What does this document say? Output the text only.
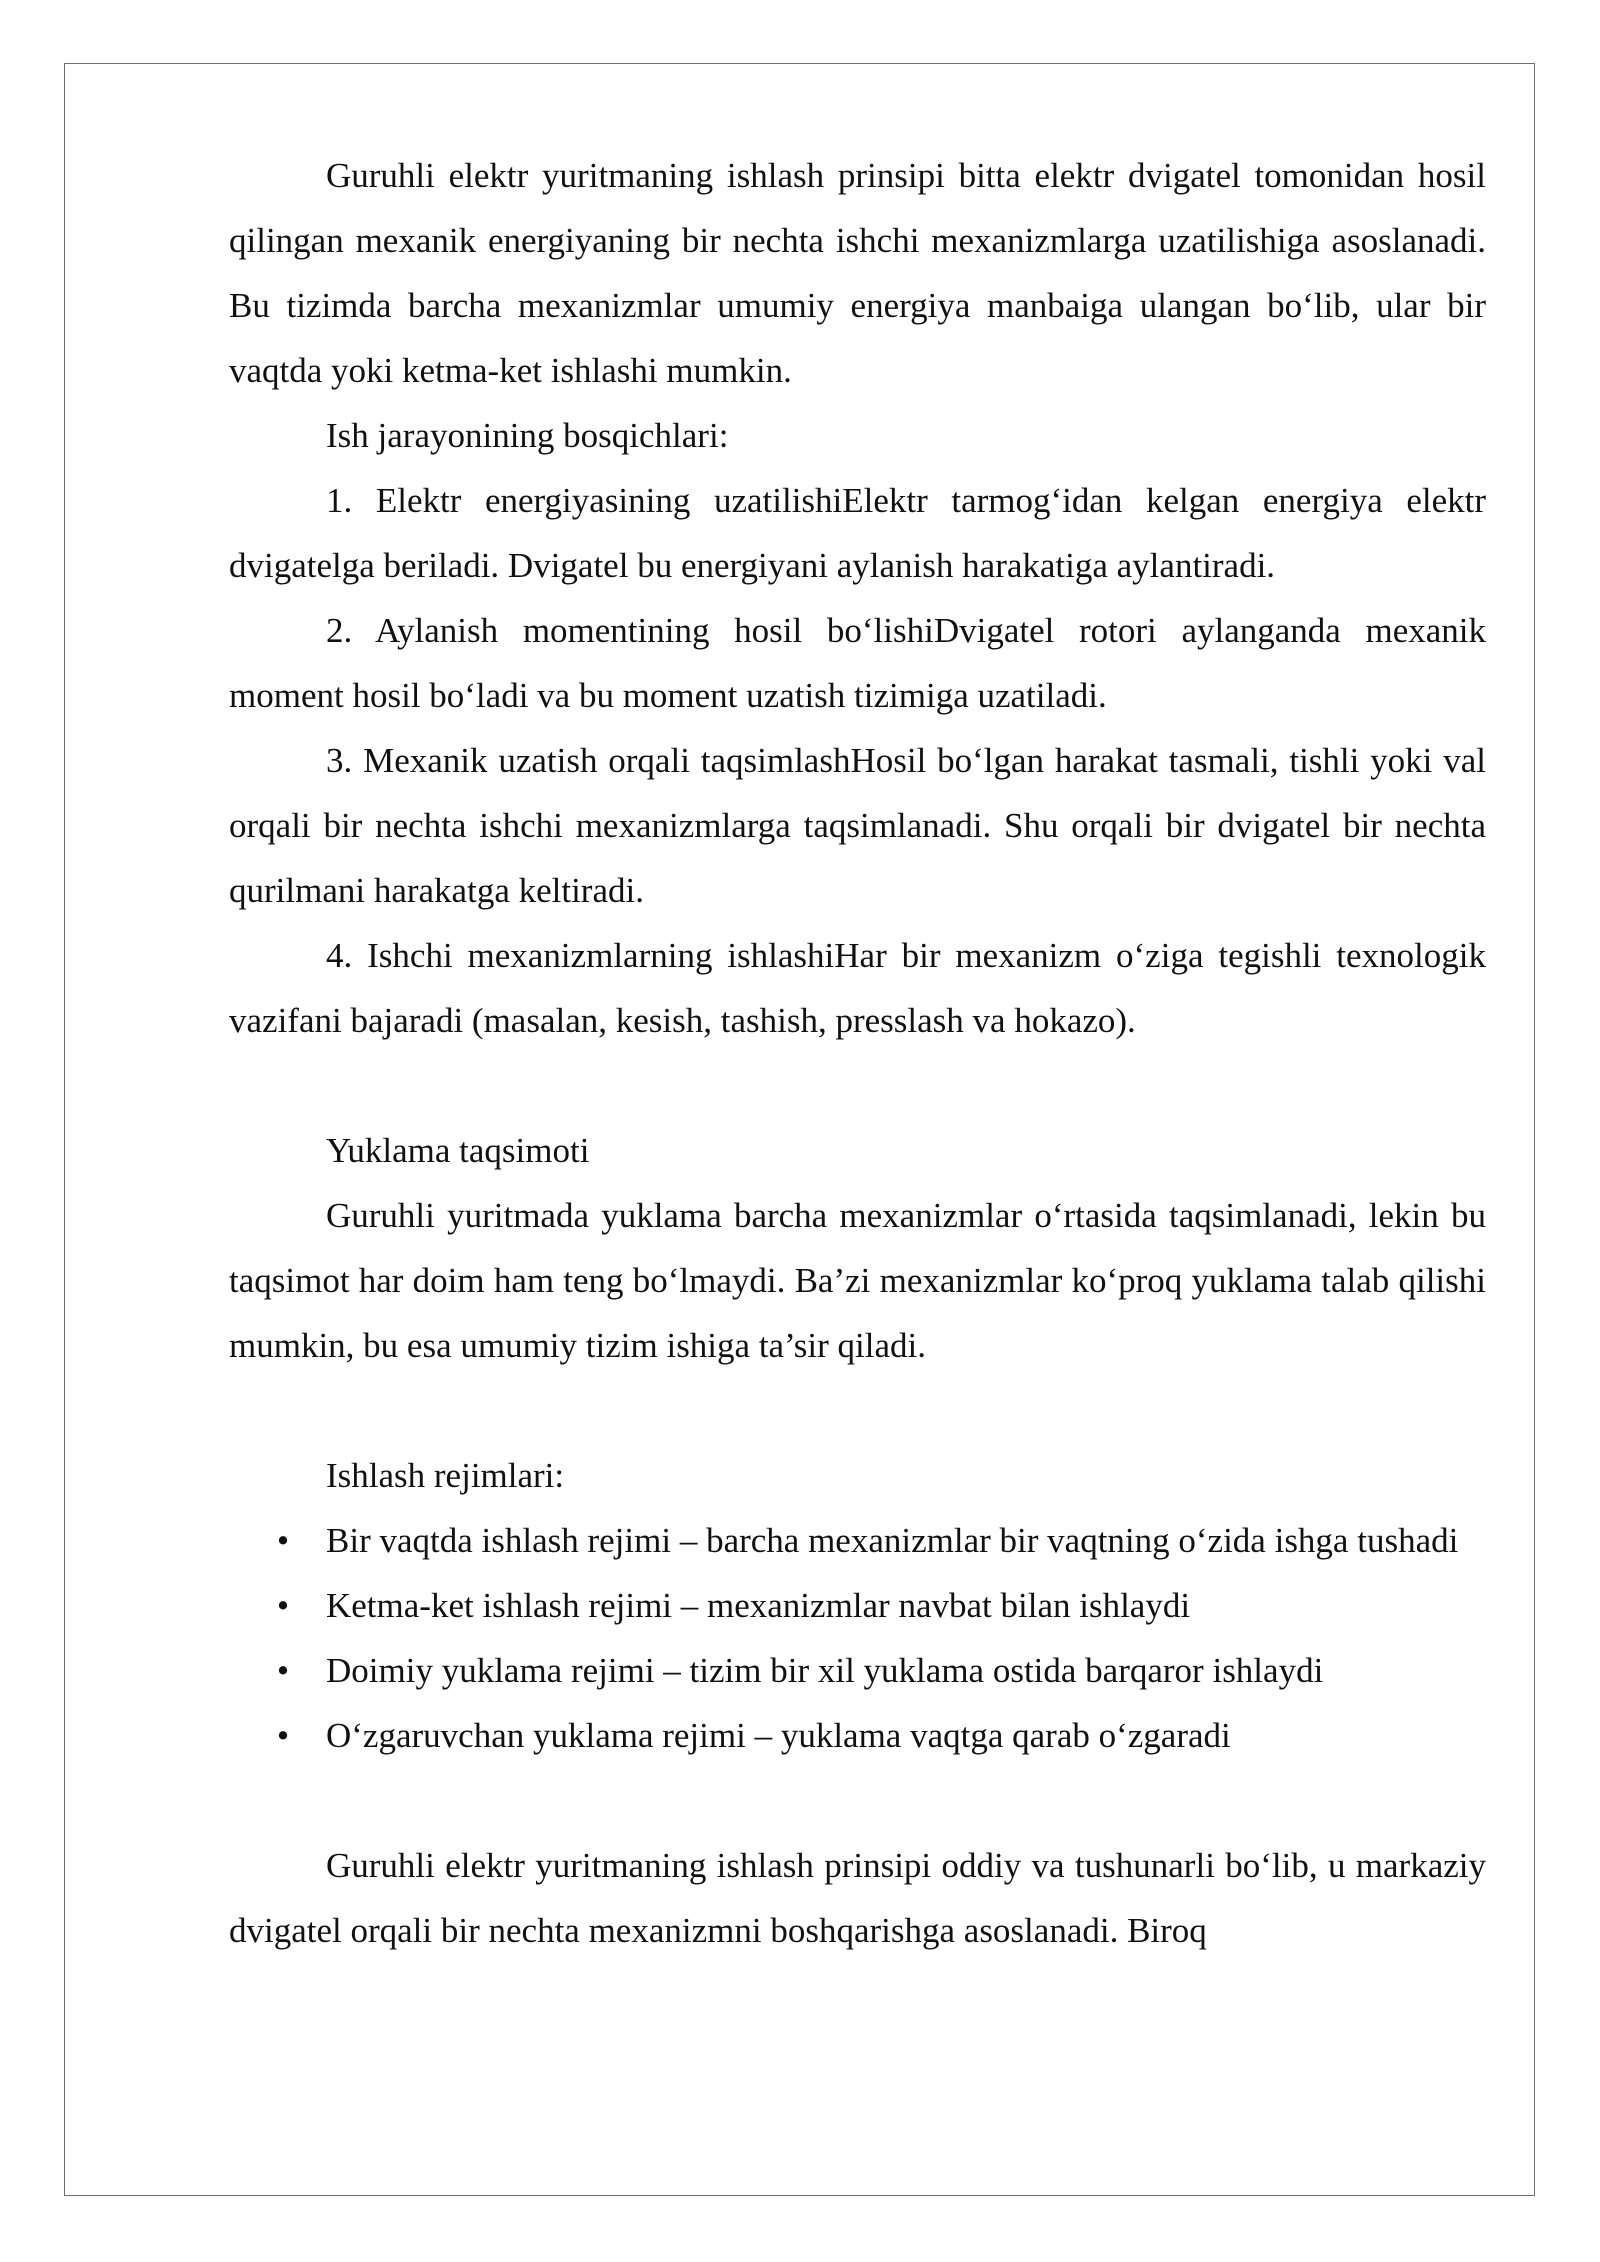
Guruhli elektr yuritmaning ishlash prinsipi bitta elektr dvigatel tomonidan hosil qilingan mexanik energiyaning bir nechta ishchi mexanizmlarga uzatilishiga asoslanadi. Bu tizimda barcha mexanizmlar umumiy energiya manbaiga ulangan bo‘lib, ular bir vaqtda yoki ketma-ket ishlashi mumkin.

Ish jarayonining bosqichlari:

1. Elektr energiyasining uzatilishiElektr tarmog‘idan kelgan energiya elektr dvigatelga beriladi. Dvigatel bu energiyani aylanish harakatiga aylantiradi.

2. Aylanish momentining hosil bo‘lishiDvigatel rotori aylanganda mexanik moment hosil bo‘ladi va bu moment uzatish tizimiga uzatiladi.

3. Mexanik uzatish orqali taqsimlashHosil bo‘lgan harakat tasmali, tishli yoki val orqali bir nechta ishchi mexanizmlarga taqsimlanadi. Shu orqali bir dvigatel bir nechta qurilmani harakatga keltiradi.

4. Ishchi mexanizmlarning ishlashiHar bir mexanizm o‘ziga tegishli texnologik vazifani bajaradi (masalan, kesish, tashish, presslash va hokazo).

Yuklama taqsimoti

Guruhli yuritmada yuklama barcha mexanizmlar o‘rtasida taqsimlanadi, lekin bu taqsimot har doim ham teng bo‘lmaydi. Ba’zi mexanizmlar ko‘proq yuklama talab qilishi mumkin, bu esa umumiy tizim ishiga ta’sir qiladi.

Ishlash rejimlari:

• Bir vaqtda ishlash rejimi – barcha mexanizmlar bir vaqtning o‘zida ishga tushadi
• Ketma-ket ishlash rejimi – mexanizmlar navbat bilan ishlaydi
• Doimiy yuklama rejimi – tizim bir xil yuklama ostida barqaror ishlaydi
• O‘zgaruvchan yuklama rejimi – yuklama vaqtga qarab o‘zgaradi

Guruhli elektr yuritmaning ishlash prinsipi oddiy va tushunarli bo‘lib, u markaziy dvigatel orqali bir nechta mexanizmni boshqarishga asoslanadi. Biroq
